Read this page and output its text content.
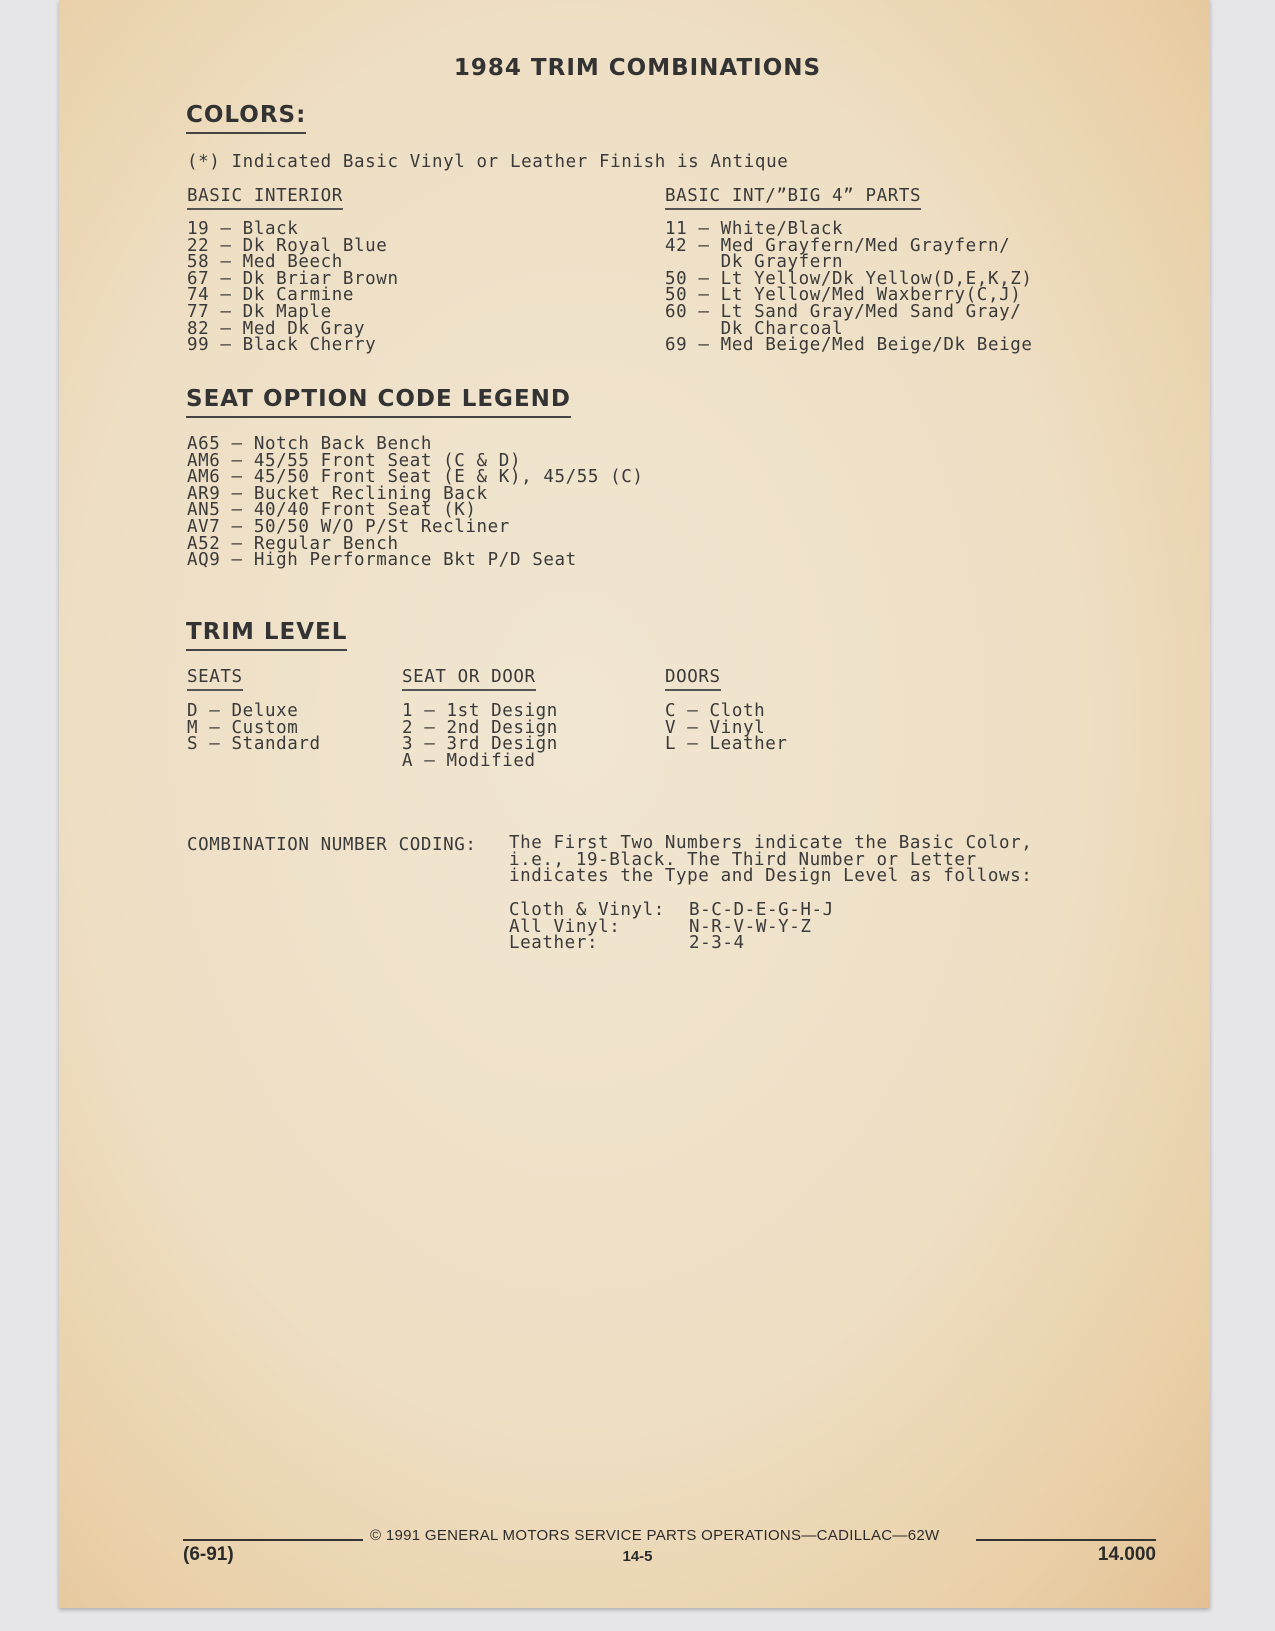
1984 TRIM COMBINATIONS
COLORS:
(*) Indicated Basic Vinyl or Leather Finish is Antique
BASIC INTERIOR
19 – Black
22 – Dk Royal Blue
58 – Med Beech
67 – Dk Briar Brown
74 – Dk Carmine
77 – Dk Maple
82 – Med Dk Gray
99 – Black Cherry
BASIC INT/”BIG 4” PARTS
11 – White/Black
42 – Med Grayfern/Med Grayfern/
Dk Grayfern
50 – Lt Yellow/Dk Yellow(D,E,K,Z)
50 – Lt Yellow/Med Waxberry(C,J)
60 – Lt Sand Gray/Med Sand Gray/
Dk Charcoal
69 – Med Beige/Med Beige/Dk Beige
SEAT OPTION CODE LEGEND
A65 – Notch Back Bench
AM6 – 45/55 Front Seat (C & D)
AM6 – 45/50 Front Seat (E & K), 45/55 (C)
AR9 – Bucket Reclining Back
AN5 – 40/40 Front Seat (K)
AV7 – 50/50 W/O P/St Recliner
A52 – Regular Bench
AQ9 – High Performance Bkt P/D Seat
TRIM LEVEL
SEATS
D – Deluxe
M – Custom
S – Standard
SEAT OR DOOR
1 – 1st Design
2 – 2nd Design
3 – 3rd Design
A – Modified
DOORS
C – Cloth
V – Vinyl
L – Leather
COMBINATION NUMBER CODING: The First Two Numbers indicate the Basic Color,
i.e., 19-Black. The Third Number or Letter
indicates the Type and Design Level as follows:
Cloth & Vinyl:
All Vinyl:
Leather:
B-C-D-E-G-H-J
N-R-V-W-Y-Z
2-3-4
© 1991 GENERAL MOTORS SERVICE PARTS OPERATIONS—CADILLAC—62W
(6-91)	14-5	14.000
